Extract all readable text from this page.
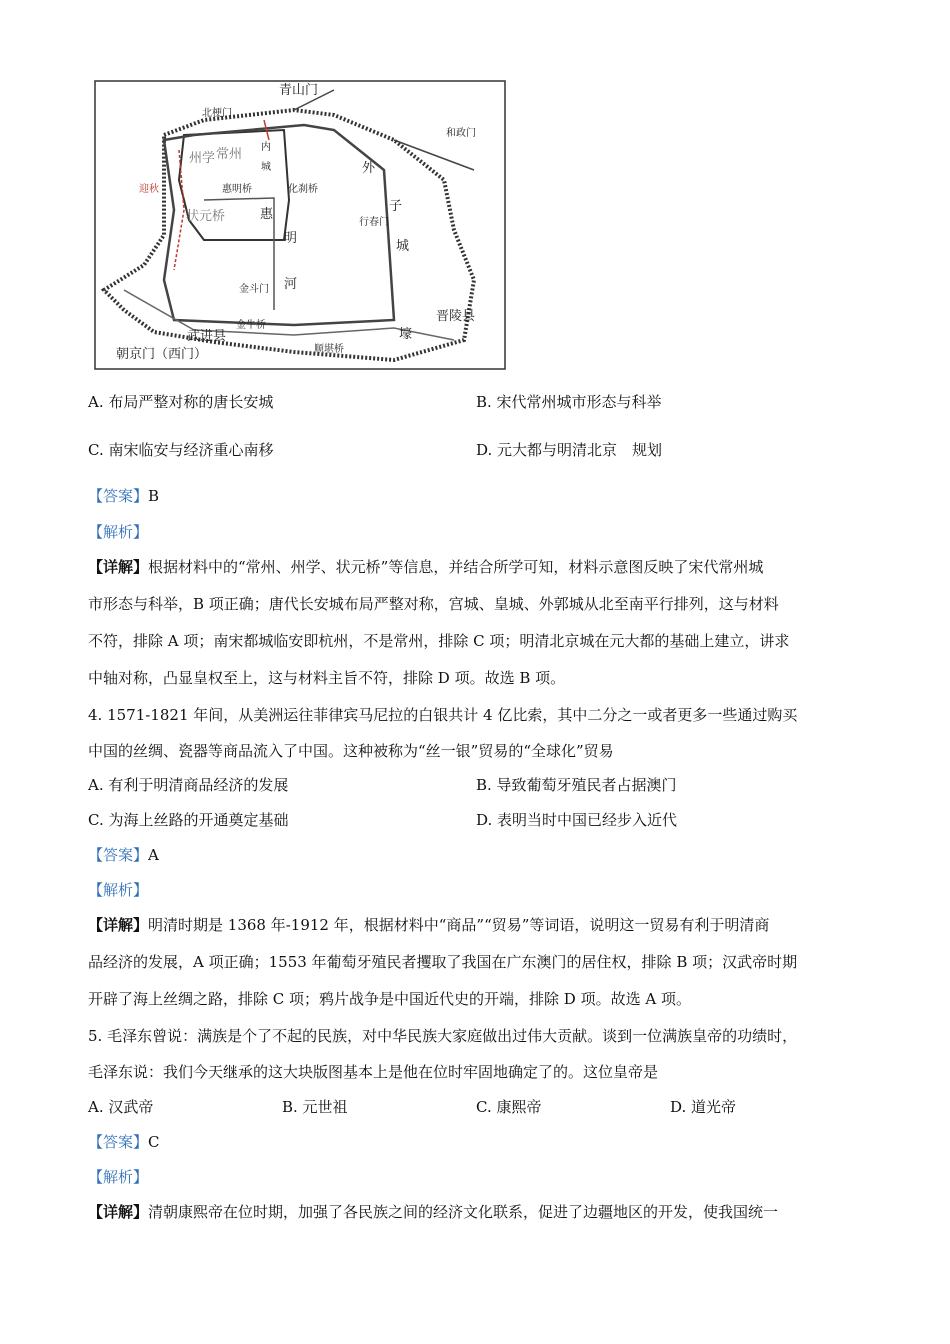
青山门
北梗门
和政门
常州
州学
内
城
惠明桥	化刹桥
迎秋
状元桥	惠
外
子
城
壕
明
河
行春门
金斗门
金牛桥
武进县
晋陵县
顺堪桥
朝京门（西门）
A. 布局严整对称的唐长安城	B. 宋代常州城市形态与科举
C. 南宋临安与经济重心南移	D. 元大都与明清北京　规划
【答案】B
【解析】
【详解】根据材料中的“常州、州学、状元桥”等信息，并结合所学可知，材料示意图反映了宋代常州城
市形态与科举，B 项正确；唐代长安城布局严整对称，宫城、皇城、外郭城从北至南平行排列，这与材料
不符，排除 A 项；南宋都城临安即杭州，不是常州，排除 C 项；明清北京城在元大都的基础上建立，讲求
中轴对称，凸显皇权至上，这与材料主旨不符，排除 D 项。故选 B 项。
4. 1571-1821 年间，从美洲运往菲律宾马尼拉的白银共计 4 亿比索，其中二分之一或者更多一些通过购买
中国的丝绸、瓷器等商品流入了中国。这种被称为“丝一银”贸易的“全球化”贸易
A. 有利于明清商品经济的发展	B. 导致葡萄牙殖民者占据澳门
C. 为海上丝路的开通奠定基础	D. 表明当时中国已经步入近代
【答案】A
【解析】
【详解】明清时期是 1368 年-1912 年，根据材料中“商品”“贸易”等词语，说明这一贸易有利于明清商
品经济的发展，A 项正确；1553 年葡萄牙殖民者攫取了我国在广东澳门的居住权，排除 B 项；汉武帝时期
开辟了海上丝绸之路，排除 C 项；鸦片战争是中国近代史的开端，排除 D 项。故选 A 项。
5. 毛泽东曾说：满族是个了不起的民族，对中华民族大家庭做出过伟大贡献。谈到一位满族皇帝的功绩时，
毛泽东说：我们今天继承的这大块版图基本上是他在位时牢固地确定了的。这位皇帝是
A. 汉武帝	B. 元世祖	C. 康熙帝	D. 道光帝
【答案】C
【解析】
【详解】清朝康熙帝在位时期，加强了各民族之间的经济文化联系，促进了边疆地区的开发，使我国统一
